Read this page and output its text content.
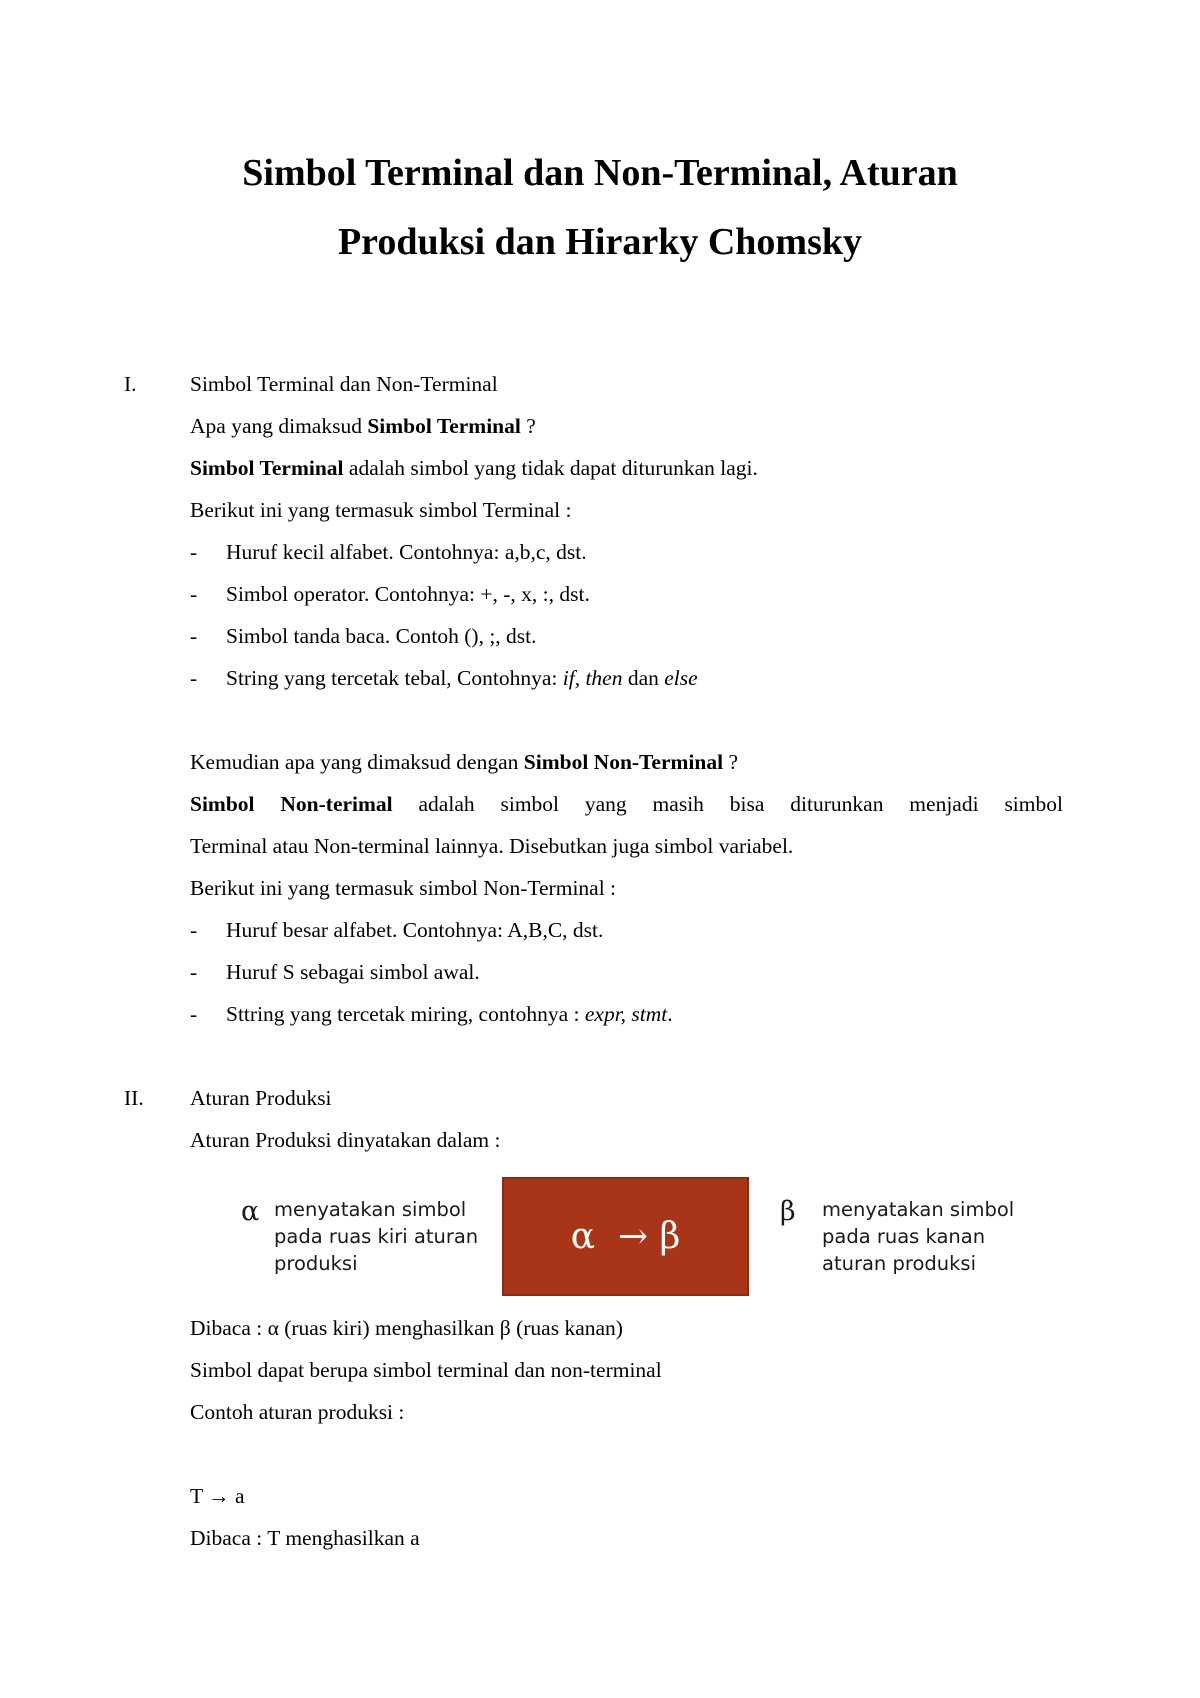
Simbol Terminal dan Non-Terminal, Aturan
Produksi dan Hirarky Chomsky
I. Simbol Terminal dan Non-Terminal
Apa yang dimaksud Simbol Terminal ?
Simbol Terminal adalah simbol yang tidak dapat diturunkan lagi.
Berikut ini yang termasuk simbol Terminal :
- Huruf kecil alfabet. Contohnya: a,b,c, dst.
- Simbol operator. Contohnya: +, -, x, :, dst.
- Simbol tanda baca. Contoh (), ;, dst.
- String yang tercetak tebal, Contohnya: if, then dan else
Kemudian apa yang dimaksud dengan Simbol Non-Terminal ?
Simbol Non-terimal adalah simbol yang masih bisa diturunkan menjadi simbol
Terminal atau Non-terminal lainnya. Disebutkan juga simbol variabel.
Berikut ini yang termasuk simbol Non-Terminal :
- Huruf besar alfabet. Contohnya: A,B,C, dst.
- Huruf S sebagai simbol awal.
- Sttring yang tercetak miring, contohnya : expr, stmt.
II. Aturan Produksi
Aturan Produksi dinyatakan dalam :
α menyatakan simbol
pada ruas kiri aturan
produksi
α  → β
β menyatakan simbol
pada ruas kanan
aturan produksi
Dibaca : α (ruas kiri) menghasilkan β (ruas kanan)
Simbol dapat berupa simbol terminal dan non-terminal
Contoh aturan produksi :
T → a
Dibaca : T menghasilkan a
